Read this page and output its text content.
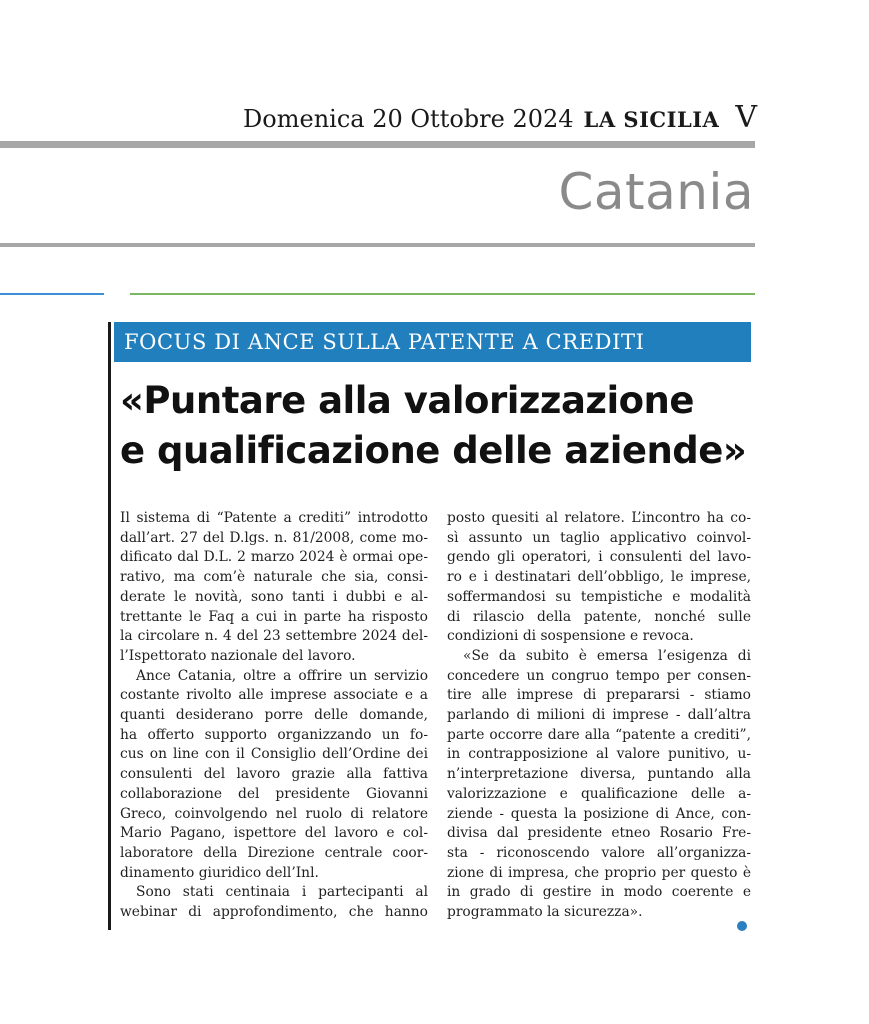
Domenica 20 Ottobre 2024 LA SICILIA V
Catania
FOCUS DI ANCE SULLA PATENTE A CREDITI
«Puntare alla valorizzazione
e qualificazione delle aziende»
Il sistema di “Patente a crediti” introdotto
dall’art. 27 del D.lgs. n. 81/2008, come mo-
dificato dal D.L. 2 marzo 2024 è ormai ope-
rativo, ma com’è naturale che sia, consi-
derate le novità, sono tanti i dubbi e al-
trettante le Faq a cui in parte ha risposto
la circolare n. 4 del 23 settembre 2024 del-
l’Ispettorato nazionale del lavoro.
Ance Catania, oltre a offrire un servizio
costante rivolto alle imprese associate e a
quanti desiderano porre delle domande,
ha offerto supporto organizzando un fo-
cus on line con il Consiglio dell’Ordine dei
consulenti del lavoro grazie alla fattiva
collaborazione del presidente Giovanni
Greco, coinvolgendo nel ruolo di relatore
Mario Pagano, ispettore del lavoro e col-
laboratore della Direzione centrale coor-
dinamento giuridico dell’Inl.
Sono stati centinaia i partecipanti al
webinar di approfondimento, che hanno
posto quesiti al relatore. L’incontro ha co-
sì assunto un taglio applicativo coinvol-
gendo gli operatori, i consulenti del lavo-
ro e i destinatari dell’obbligo, le imprese,
soffermandosi su tempistiche e modalità
di rilascio della patente, nonché sulle
condizioni di sospensione e revoca.
«Se da subito è emersa l’esigenza di
concedere un congruo tempo per consen-
tire alle imprese di prepararsi - stiamo
parlando di milioni di imprese - dall’altra
parte occorre dare alla “patente a crediti”,
in contrapposizione al valore punitivo, u-
n’interpretazione diversa, puntando alla
valorizzazione e qualificazione delle a-
ziende - questa la posizione di Ance, con-
divisa dal presidente etneo Rosario Fre-
sta - riconoscendo valore all’organizza-
zione di impresa, che proprio per questo è
in grado di gestire in modo coerente e
programmato la sicurezza».
